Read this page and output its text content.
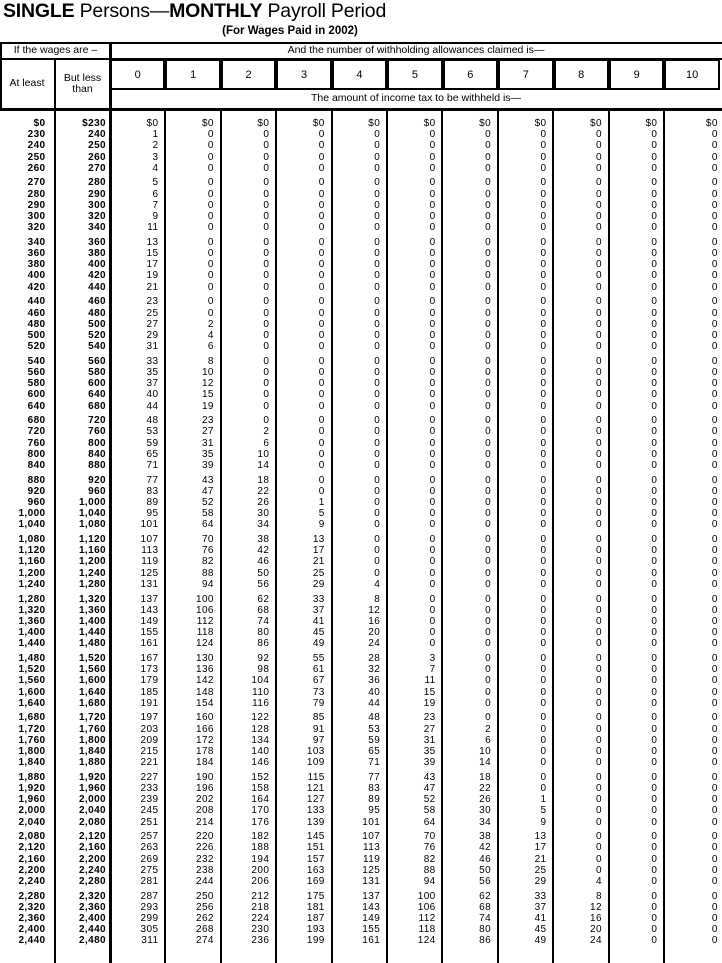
SINGLE Persons—MONTHLY Payroll Period
(For Wages Paid in 2002)
If the wages are –	And the number of withholding allowances claimed is—
At least	But less than
0	1	2	3	4	5	6	7	8	9	10
The amount of income tax to be withheld is—
$0	$230	$0	$0	$0	$0	$0	$0	$0	$0	$0	$0	$0
230	240	1	0	0	0	0	0	0	0	0	0	0
240	250	2	0	0	0	0	0	0	0	0	0	0
250	260	3	0	0	0	0	0	0	0	0	0	0
260	270	4	0	0	0	0	0	0	0	0	0	0
270	280	5	0	0	0	0	0	0	0	0	0	0
280	290	6	0	0	0	0	0	0	0	0	0	0
290	300	7	0	0	0	0	0	0	0	0	0	0
300	320	9	0	0	0	0	0	0	0	0	0	0
320	340	11	0	0	0	0	0	0	0	0	0	0
340	360	13	0	0	0	0	0	0	0	0	0	0
360	380	15	0	0	0	0	0	0	0	0	0	0
380	400	17	0	0	0	0	0	0	0	0	0	0
400	420	19	0	0	0	0	0	0	0	0	0	0
420	440	21	0	0	0	0	0	0	0	0	0	0
440	460	23	0	0	0	0	0	0	0	0	0	0
460	480	25	0	0	0	0	0	0	0	0	0	0
480	500	27	2	0	0	0	0	0	0	0	0	0
500	520	29	4	0	0	0	0	0	0	0	0	0
520	540	31	6	0	0	0	0	0	0	0	0	0
540	560	33	8	0	0	0	0	0	0	0	0	0
560	580	35	10	0	0	0	0	0	0	0	0	0
580	600	37	12	0	0	0	0	0	0	0	0	0
600	640	40	15	0	0	0	0	0	0	0	0	0
640	680	44	19	0	0	0	0	0	0	0	0	0
680	720	48	23	0	0	0	0	0	0	0	0	0
720	760	53	27	2	0	0	0	0	0	0	0	0
760	800	59	31	6	0	0	0	0	0	0	0	0
800	840	65	35	10	0	0	0	0	0	0	0	0
840	880	71	39	14	0	0	0	0	0	0	0	0
880	920	77	43	18	0	0	0	0	0	0	0	0
920	960	83	47	22	0	0	0	0	0	0	0	0
960	1,000	89	52	26	1	0	0	0	0	0	0	0
1,000	1,040	95	58	30	5	0	0	0	0	0	0	0
1,040	1,080	101	64	34	9	0	0	0	0	0	0	0
1,080	1,120	107	70	38	13	0	0	0	0	0	0	0
1,120	1,160	113	76	42	17	0	0	0	0	0	0	0
1,160	1,200	119	82	46	21	0	0	0	0	0	0	0
1,200	1,240	125	88	50	25	0	0	0	0	0	0	0
1,240	1,280	131	94	56	29	4	0	0	0	0	0	0
1,280	1,320	137	100	62	33	8	0	0	0	0	0	0
1,320	1,360	143	106	68	37	12	0	0	0	0	0	0
1,360	1,400	149	112	74	41	16	0	0	0	0	0	0
1,400	1,440	155	118	80	45	20	0	0	0	0	0	0
1,440	1,480	161	124	86	49	24	0	0	0	0	0	0
1,480	1,520	167	130	92	55	28	3	0	0	0	0	0
1,520	1,560	173	136	98	61	32	7	0	0	0	0	0
1,560	1,600	179	142	104	67	36	11	0	0	0	0	0
1,600	1,640	185	148	110	73	40	15	0	0	0	0	0
1,640	1,680	191	154	116	79	44	19	0	0	0	0	0
1,680	1,720	197	160	122	85	48	23	0	0	0	0	0
1,720	1,760	203	166	128	91	53	27	2	0	0	0	0
1,760	1,800	209	172	134	97	59	31	6	0	0	0	0
1,800	1,840	215	178	140	103	65	35	10	0	0	0	0
1,840	1,880	221	184	146	109	71	39	14	0	0	0	0
1,880	1,920	227	190	152	115	77	43	18	0	0	0	0
1,920	1,960	233	196	158	121	83	47	22	0	0	0	0
1,960	2,000	239	202	164	127	89	52	26	1	0	0	0
2,000	2,040	245	208	170	133	95	58	30	5	0	0	0
2,040	2,080	251	214	176	139	101	64	34	9	0	0	0
2,080	2,120	257	220	182	145	107	70	38	13	0	0	0
2,120	2,160	263	226	188	151	113	76	42	17	0	0	0
2,160	2,200	269	232	194	157	119	82	46	21	0	0	0
2,200	2,240	275	238	200	163	125	88	50	25	0	0	0
2,240	2,280	281	244	206	169	131	94	56	29	4	0	0
2,280	2,320	287	250	212	175	137	100	62	33	8	0	0
2,320	2,360	293	256	218	181	143	106	68	37	12	0	0
2,360	2,400	299	262	224	187	149	112	74	41	16	0	0
2,400	2,440	305	268	230	193	155	118	80	45	20	0	0
2,440	2,480	311	274	236	199	161	124	86	49	24	0	0
